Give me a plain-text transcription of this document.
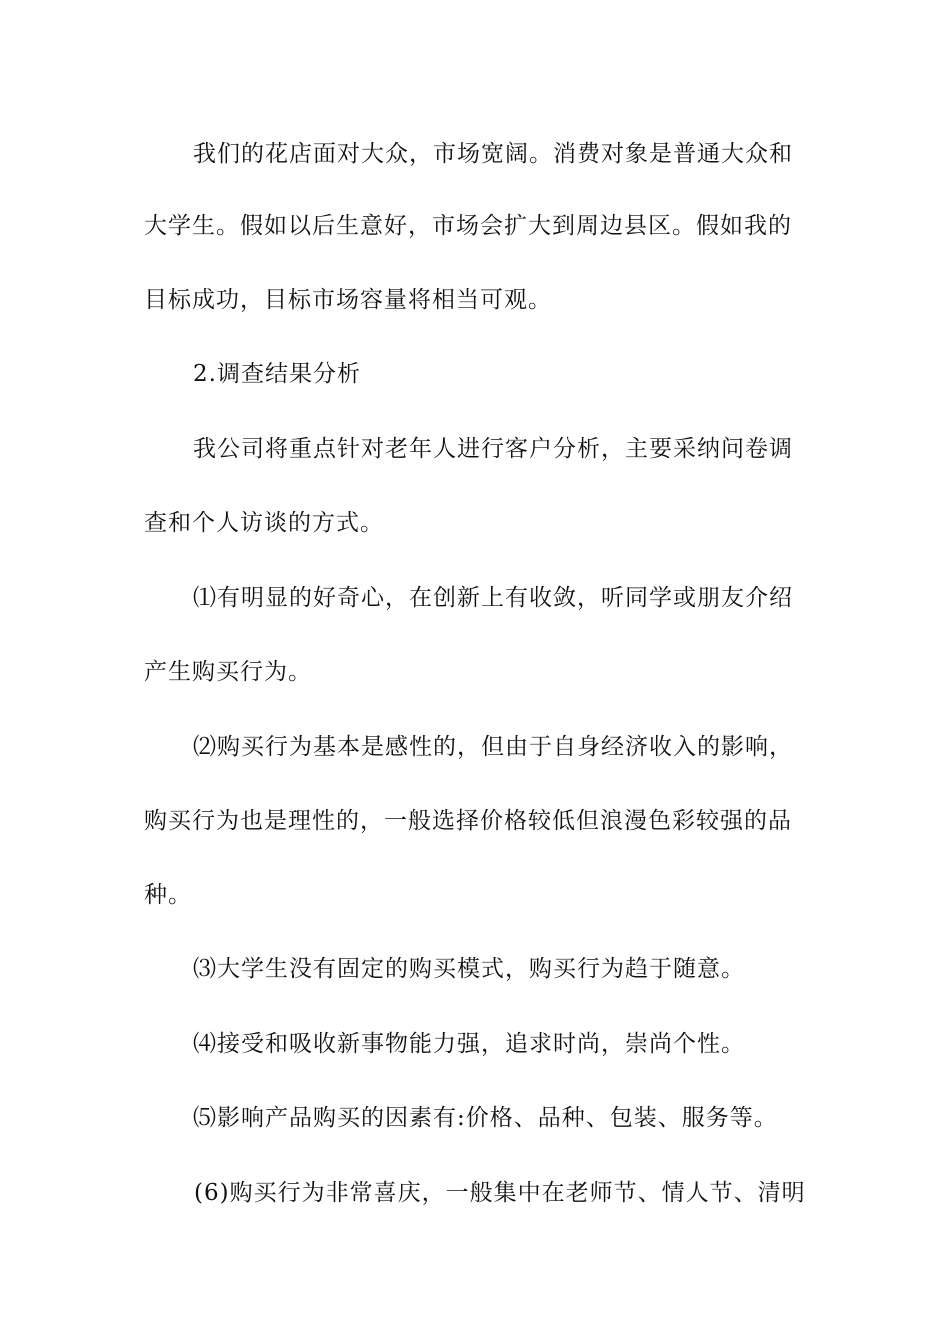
我们的花店面对大众，市场宽阔。消费对象是普通大众和
大学生。假如以后生意好，市场会扩大到周边县区。假如我的
目标成功，目标市场容量将相当可观。
2.调查结果分析
我公司将重点针对老年人进行客户分析，主要采纳问卷调
查和个人访谈的方式。
⑴有明显的好奇心，在创新上有收敛，听同学或朋友介绍
产生购买行为。
⑵购买行为基本是感性的，但由于自身经济收入的影响，
购买行为也是理性的，一般选择价格较低但浪漫色彩较强的品
种。
⑶大学生没有固定的购买模式，购买行为趋于随意。
⑷接受和吸收新事物能力强，追求时尚，崇尚个性。
⑸影响产品购买的因素有:价格、品种、包装、服务等。
(6)购买行为非常喜庆，一般集中在老师节、情人节、清明
